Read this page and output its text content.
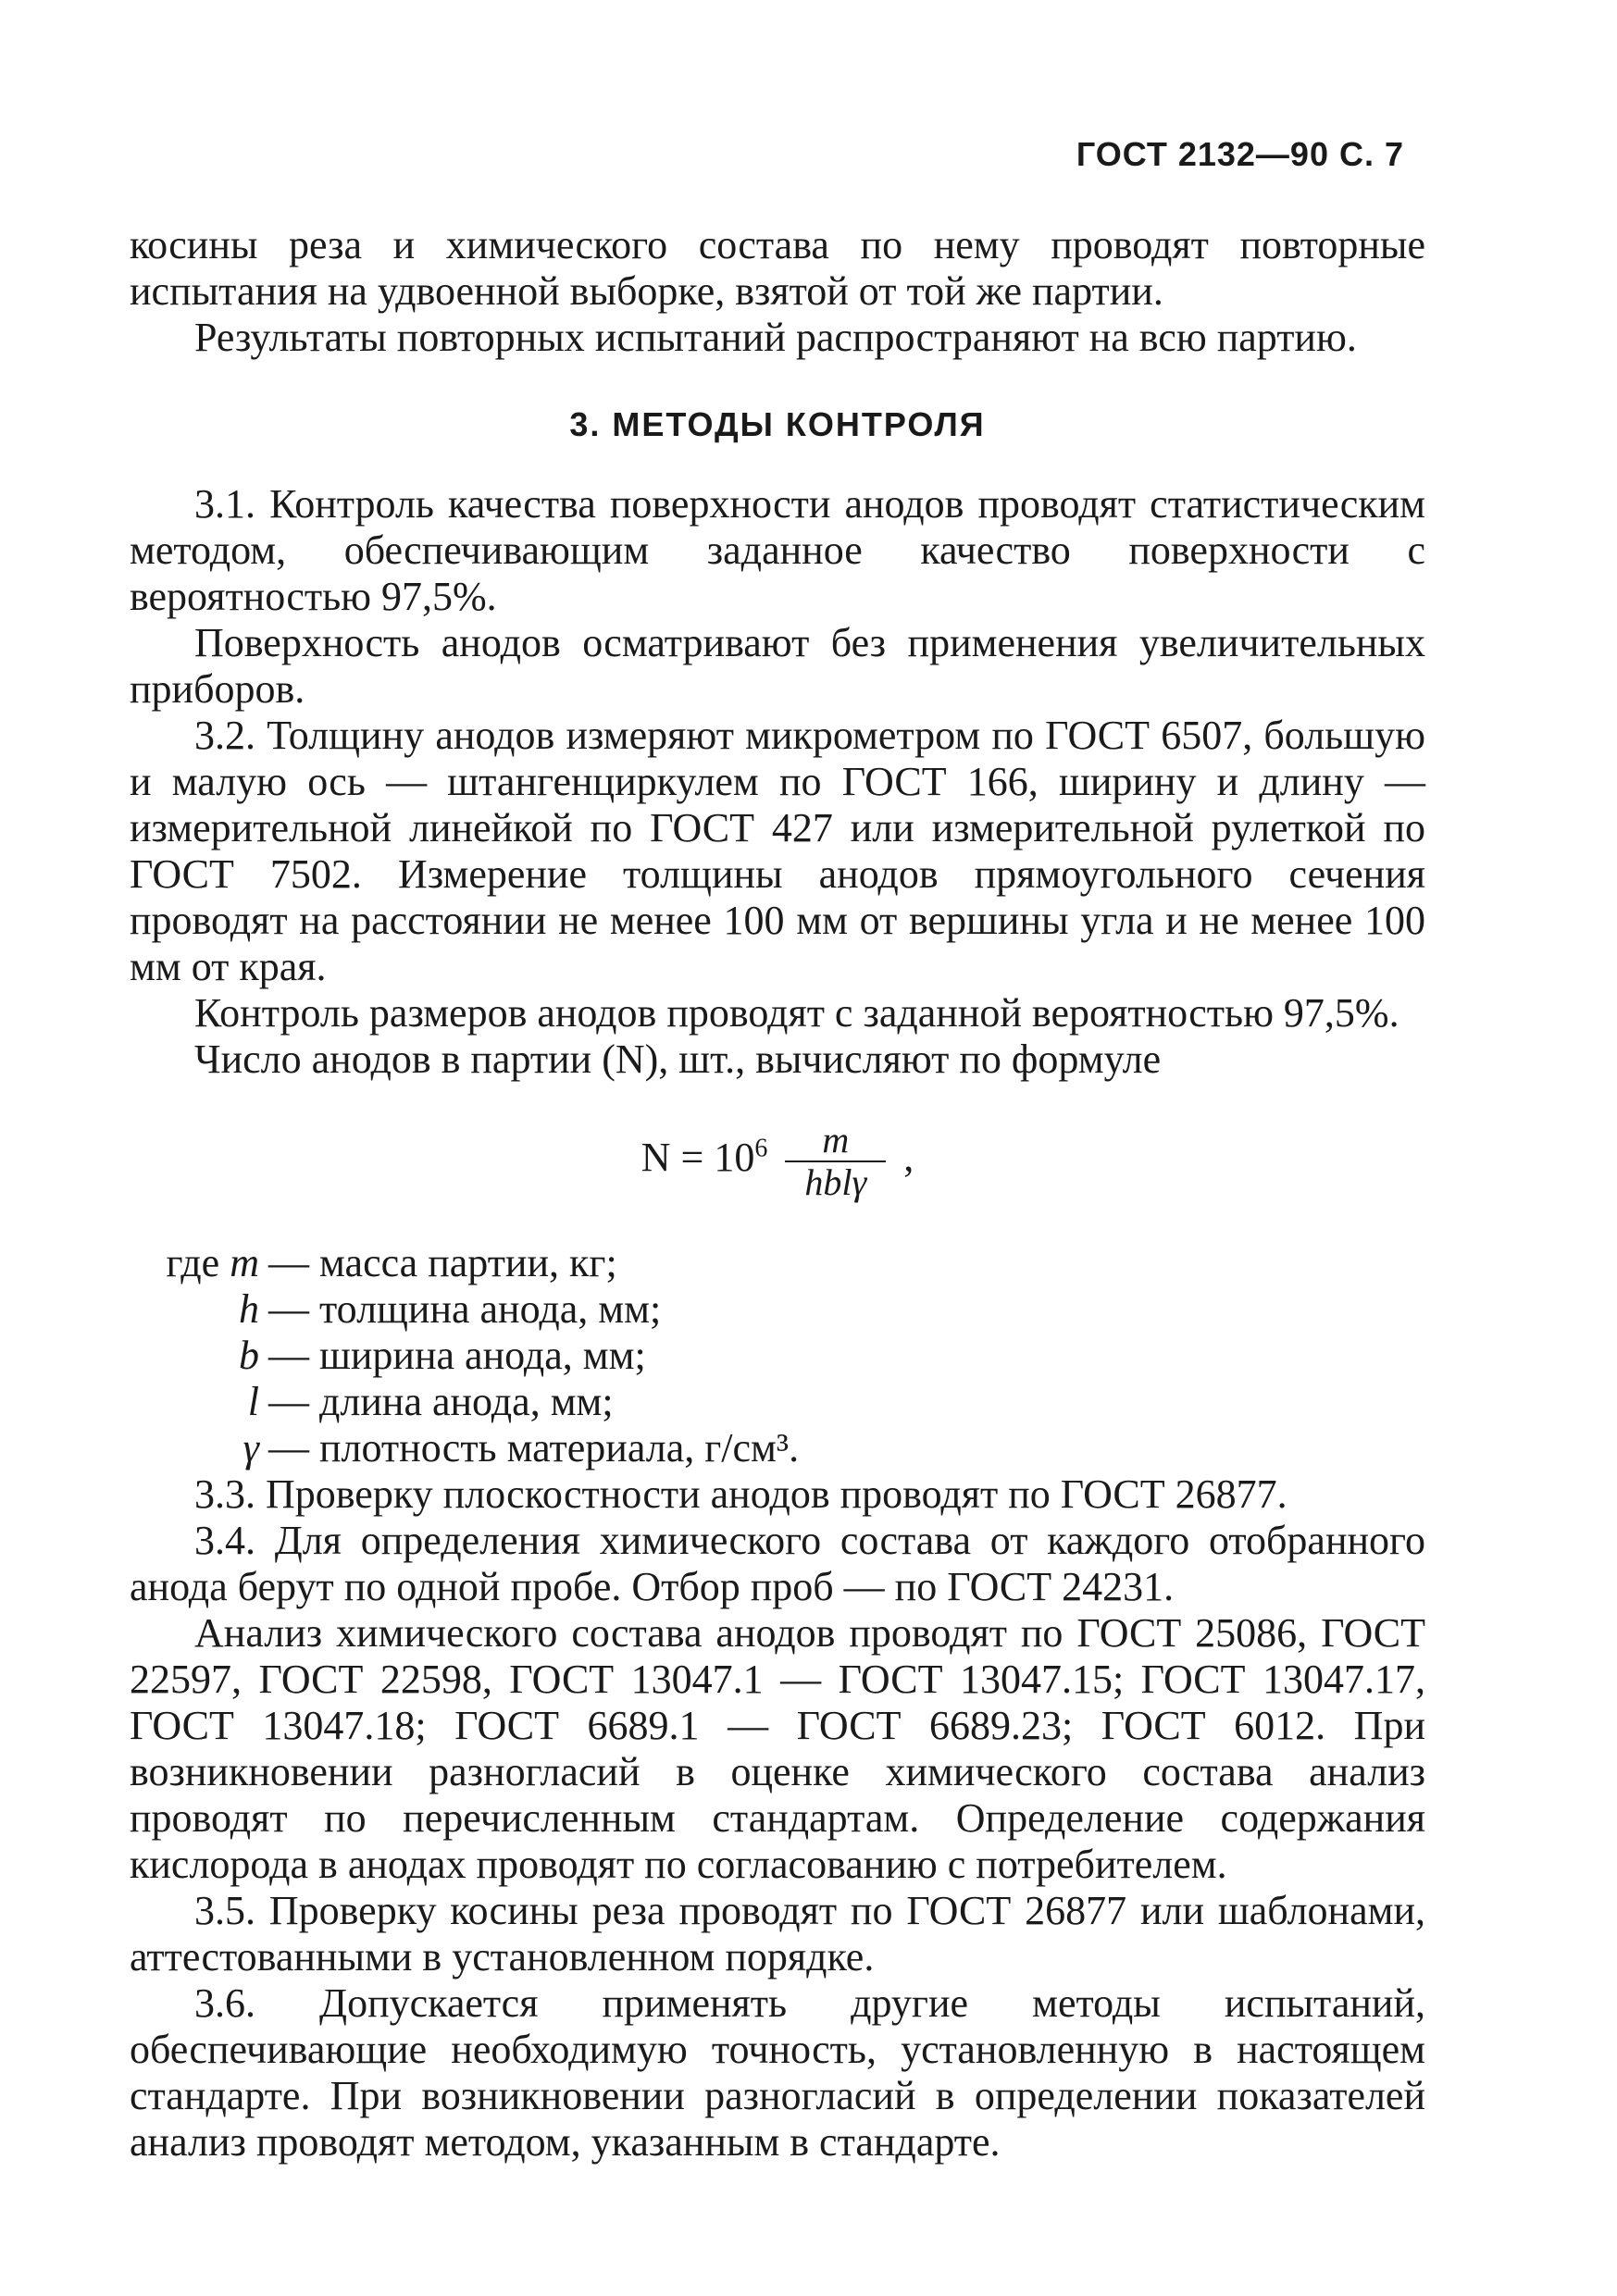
ГОСТ 2132—90 С. 7

косины реза и химического состава по нему проводят повторные испытания на удвоенной выборке, взятой от той же партии.

Результаты повторных испытаний распространяют на всю партию.

3. МЕТОДЫ КОНТРОЛЯ

3.1. Контроль качества поверхности анодов проводят статистическим методом, обеспечивающим заданное качество поверхности с вероятностью 97,5%.

Поверхность анодов осматривают без применения увеличительных приборов.

3.2. Толщину анодов измеряют микрометром по ГОСТ 6507, большую и малую ось — штангенциркулем по ГОСТ 166, ширину и длину — измерительной линейкой по ГОСТ 427 или измерительной рулеткой по ГОСТ 7502. Измерение толщины анодов прямоугольного сечения проводят на расстоянии не менее 100 мм от вершины угла и не менее 100 мм от края.

Контроль размеров анодов проводят с заданной вероятностью 97,5%.

Число анодов в партии (N), шт., вычисляют по формуле

$N = 10^6 \frac{m}{\text{hblγ}}$ ,
где m — масса партии, кг;
h — толщина анода, мм;
b — ширина анода, мм;
l — длина анода, мм;
γ — плотность материала, г/см³.

3.3. Проверку плоскостности анодов проводят по ГОСТ 26877.

3.4. Для определения химического состава от каждого отобранного анода берут по одной пробе. Отбор проб — по ГОСТ 24231.

Анализ химического состава анодов проводят по ГОСТ 25086, ГОСТ 22597, ГОСТ 22598, ГОСТ 13047.1 — ГОСТ 13047.15; ГОСТ 13047.17, ГОСТ 13047.18; ГОСТ 6689.1 — ГОСТ 6689.23; ГОСТ 6012. При возникновении разногласий в оценке химического состава анализ проводят по перечисленным стандартам. Определение содержания кислорода в анодах проводят по согласованию с потребителем.

3.5. Проверку косины реза проводят по ГОСТ 26877 или шаблонами, аттестованными в установленном порядке.

3.6. Допускается применять другие методы испытаний, обеспечивающие необходимую точность, установленную в настоящем стандарте. При возникновении разногласий в определении показателей анализ проводят методом, указанным в стандарте.
